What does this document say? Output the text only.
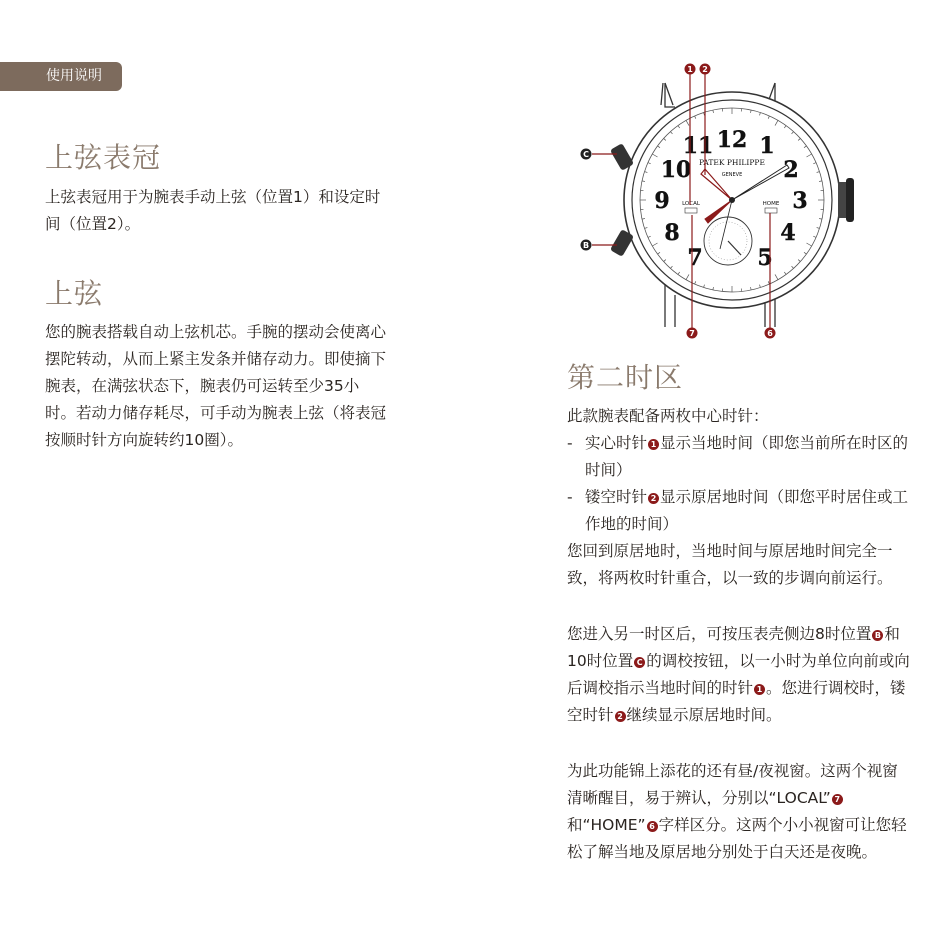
使用说明
上弦表冠

上弦表冠用于为腕表手动上弦（位置1）和设定时间（位置2）。

上弦

您的腕表搭载自动上弦机芯。手腕的摆动会使离心摆陀转动，从而上紧主发条并储存动力。即使摘下腕表，在满弦状态下，腕表仍可运转至少35小时。若动力储存耗尽，可手动为腕表上弦（将表冠按顺时针方向旋转约10圈）。

12 1
2
3
4
5
7
8
9
10
11
PATEK PHILIPPE
GENEVE
LOCAL	HOME
1 2
C
B
7	6
第二时区
此款腕表配备两枚中心时针：
- 实心时针 1 显示当地时间（即您当前所在时区的时间）
- 镂空时针 2 显示原居地时间（即您平时居住或工作地的时间）
您回到原居地时，当地时间与原居地时间完全一致，将两枚时针重合，以一致的步调向前运行。
您进入另一时区后，可按压表壳侧边8时位置 B 和10时位置 C 的调校按钮，以一小时为单位向前或向后调校指示当地时间的时针 1 。您进行调校时，镂空时针 2 继续显示原居地时间。
为此功能锦上添花的还有昼/夜视窗。这两个视窗清晰醒目，易于辨认，分别以“LOCAL” 7和“HOME” 6 字样区分。这两个小小视窗可让您轻松了解当地及原居地分别处于白天还是夜晚。
